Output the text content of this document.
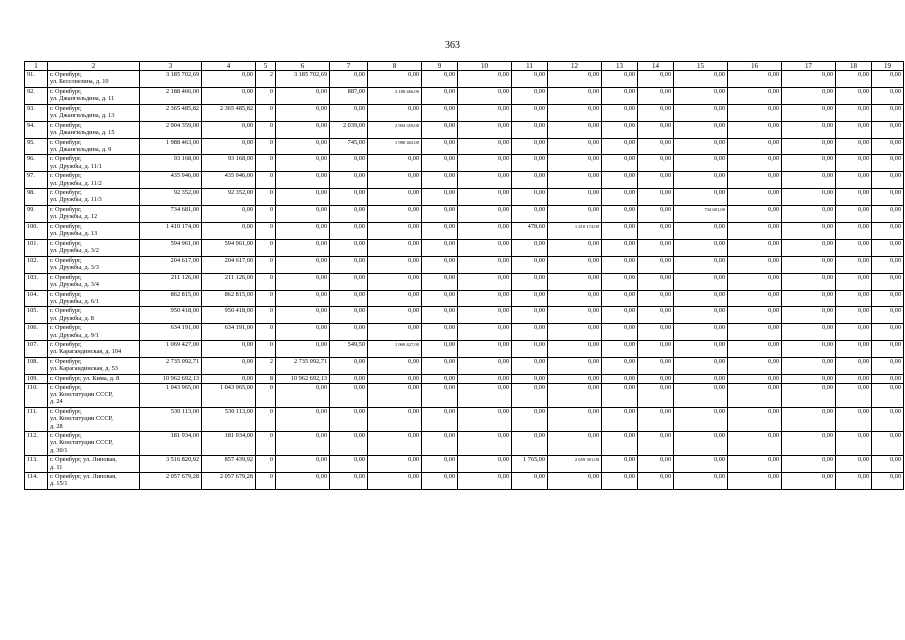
363
1	2	3	4	5	6	7	8	9	10	11	12	13	14	15	16	17	18	19
91.	г. Оренбург,
ул. Бессонезина, д. 10	3 185 702,69	0,00	2	3 185 702,69	0,00	0,00	0,00	0,00	0,00	0,00	0,00	0,00	0,00	0,00	0,00	0,00	0,00
92.	г. Оренбург,
ул. Джангильдина, д. 11	2 188 466,00	0,00	0	0,00	887,00	2 188 466,00	0,00	0,00	0,00	0,00	0,00	0,00	0,00	0,00	0,00	0,00	0,00
93.	г. Оренбург,
ул. Джангильдина, д. 13	2 365 485,82	2 365 485,82	0	0,00	0,00	0,00	0,00	0,00	0,00	0,00	0,00	0,00	0,00	0,00	0,00	0,00	0,00
94.	г. Оренбург,
ул. Джангильдина, д. 15	2 904 359,00	0,00	0	0,00	2 039,00	2 904 359,00	0,00	0,00	0,00	0,00	0,00	0,00	0,00	0,00	0,00	0,00	0,00
95.	г. Оренбург,
ул. Джангильдина, д. 9	1 988 463,00	0,00	0	0,00	745,00	1 988 463,00	0,00	0,00	0,00	0,00	0,00	0,00	0,00	0,00	0,00	0,00	0,00
96.	г. Оренбург,
ул. Дружбы, д. 11/1	93 168,00	93 168,00	0	0,00	0,00	0,00	0,00	0,00	0,00	0,00	0,00	0,00	0,00	0,00	0,00	0,00	0,00
97.	г. Оренбург,
ул. Дружбы, д. 11/2	435 946,00	435 946,00	0	0,00	0,00	0,00	0,00	0,00	0,00	0,00	0,00	0,00	0,00	0,00	0,00	0,00	0,00
98.	г. Оренбург,
ул. Дружбы, д. 11/3	92 352,00	92 352,00	0	0,00	0,00	0,00	0,00	0,00	0,00	0,00	0,00	0,00	0,00	0,00	0,00	0,00	0,00
99.	г. Оренбург,
ул. Дружбы, д. 12	734 681,00	0,00	0	0,00	0,00	0,00	0,00	0,00	0,00	0,00	0,00	0,00	734 681,00	0,00	0,00	0,00	0,00
100.	г. Оренбург,
ул. Дружбы, д. 13	1 410 174,00	0,00	0	0,00	0,00	0,00	0,00	0,00	478,60	1 410 174,00	0,00	0,00	0,00	0,00	0,00	0,00	0,00
101.	г. Оренбург,
ул. Дружбы, д. 3/2	594 961,00	594 961,00	0	0,00	0,00	0,00	0,00	0,00	0,00	0,00	0,00	0,00	0,00	0,00	0,00	0,00	0,00
102.	г. Оренбург,
ул. Дружбы, д. 3/3	204 617,00	204 617,00	0	0,00	0,00	0,00	0,00	0,00	0,00	0,00	0,00	0,00	0,00	0,00	0,00	0,00	0,00
103.	г. Оренбург,
ул. Дружбы, д. 3/4	211 126,00	211 126,00	0	0,00	0,00	0,00	0,00	0,00	0,00	0,00	0,00	0,00	0,00	0,00	0,00	0,00	0,00
104.	г. Оренбург,
ул. Дружбы, д. 6/1	862 815,00	862 815,00	0	0,00	0,00	0,00	0,00	0,00	0,00	0,00	0,00	0,00	0,00	0,00	0,00	0,00	0,00
105.	г. Оренбург,
ул. Дружбы, д. 8	950 418,00	950 418,00	0	0,00	0,00	0,00	0,00	0,00	0,00	0,00	0,00	0,00	0,00	0,00	0,00	0,00	0,00
106.	г. Оренбург,
ул. Дружбы, д. 9/1	634 191,00	634 191,00	0	0,00	0,00	0,00	0,00	0,00	0,00	0,00	0,00	0,00	0,00	0,00	0,00	0,00	0,00
107.	г. Оренбург,
ул. Карагандинская, д. 104	1 069 427,00	0,00	0	0,00	549,50	1 069 427,00	0,00	0,00	0,00	0,00	0,00	0,00	0,00	0,00	0,00	0,00	0,00
108.	г. Оренбург,
ул. Карагандинская, д. 53	2 735 092,71	0,00	2	2 735 092,71	0,00	0,00	0,00	0,00	0,00	0,00	0,00	0,00	0,00	0,00	0,00	0,00	0,00
109.	г. Оренбург, ул. Кима, д. 8	10 962 692,13	0,00	8	10 962 692,13	0,00	0,00	0,00	0,00	0,00	0,00	0,00	0,00	0,00	0,00	0,00	0,00	0,00
110.	г. Оренбург,
ул. Конституции СССР,
д. 24	1 043 965,00	1 043 965,00	0	0,00	0,00	0,00	0,00	0,00	0,00	0,00	0,00	0,00	0,00	0,00	0,00	0,00	0,00
111.	г. Оренбург,
ул. Конституции СССР,
д. 28	530 113,00	530 113,00	0	0,00	0,00	0,00	0,00	0,00	0,00	0,00	0,00	0,00	0,00	0,00	0,00	0,00	0,00
112.	г. Оренбург,
ул. Конституции СССР,
д. 30/1	181 934,00	181 934,00	0	0,00	0,00	0,00	0,00	0,00	0,00	0,00	0,00	0,00	0,00	0,00	0,00	0,00	0,00
113.	г. Оренбург, ул. Липовая,
д. 11	3 516 820,92	857 439,92	0	0,00	0,00	0,00	0,00	0,00	1 765,00	2 659 381,00	0,00	0,00	0,00	0,00	0,00	0,00	0,00
114.	г. Оренбург, ул. Липовая,
д. 15/1	2 057 679,28	2 057 679,28	0	0,00	0,00	0,00	0,00	0,00	0,00	0,00	0,00	0,00	0,00	0,00	0,00	0,00	0,00
